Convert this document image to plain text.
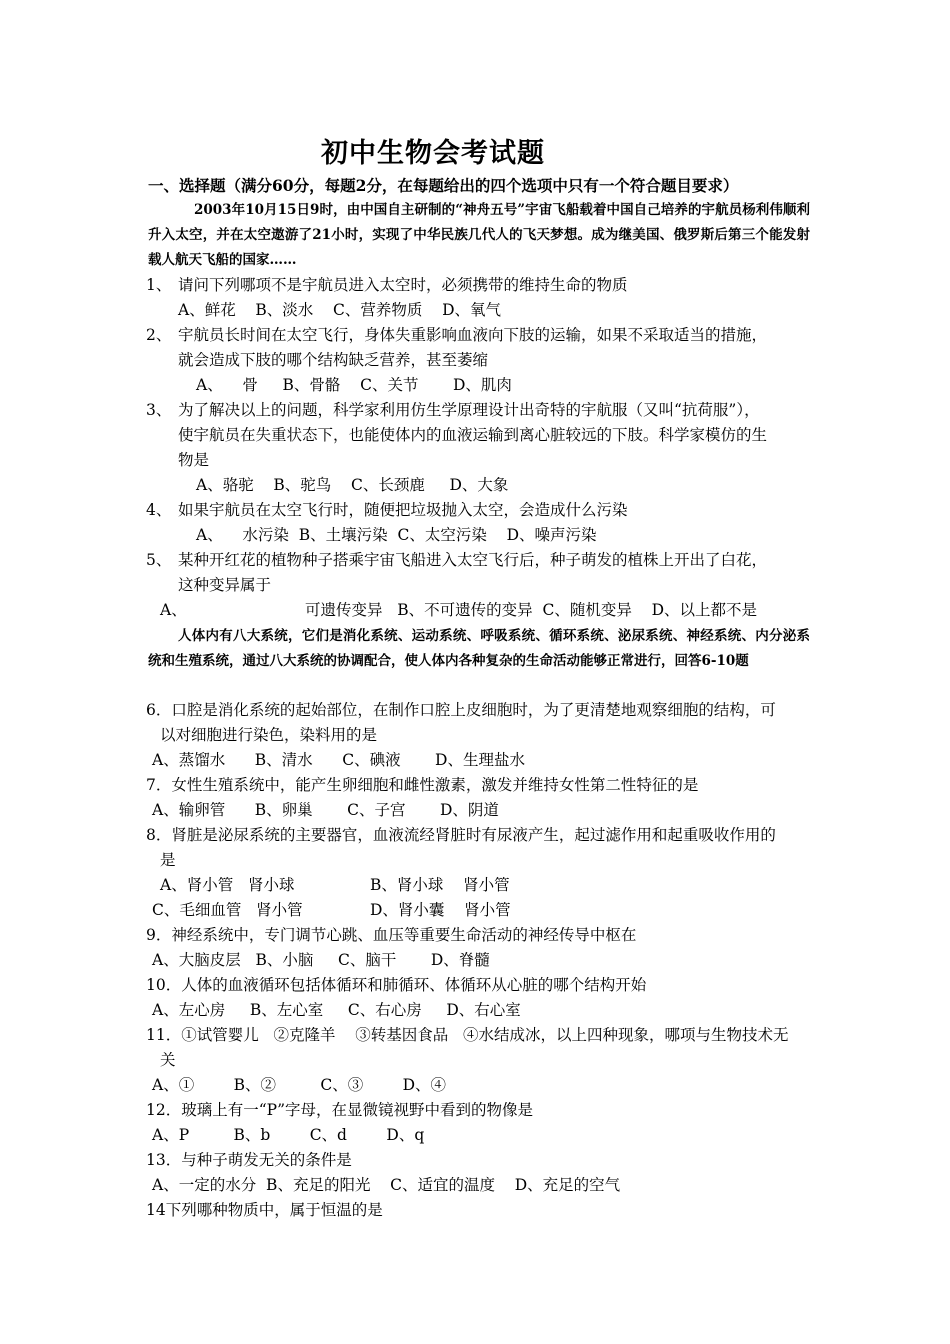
初中生物会考试题
一、选择题（满分60分，每题2分，在每题给出的四个选项中只有一个符合题目要求）
2003年10月15日9时，由中国自主研制的“神舟五号”宇宙飞船载着中国自己培养的宇航员杨利伟顺利升入太空，并在太空遨游了21小时，实现了中华民族几代人的飞天梦想。成为继美国、俄罗斯后第三个能发射载人航天飞船的国家……
1、 请问下列哪项不是宇航员进入太空时，必须携带的维持生命的物质
A、鲜花    B、淡水    C、营养物质    D、氧气
2、 宇航员长时间在太空飞行，身体失重影响血液向下肢的运输，如果不采取适当的措施，
就会造成下肢的哪个结构缺乏营养，甚至萎缩
A、    骨     B、骨骼    C、关节       D、肌肉
3、 为了解决以上的问题，科学家利用仿生学原理设计出奇特的宇航服（又叫“抗荷服”），
使宇航员在失重状态下，也能使体内的血液运输到离心脏较远的下肢。科学家模仿的生
物是
A、骆驼    B、驼鸟    C、长颈鹿     D、大象
4、 如果宇航员在太空飞行时，随便把垃圾抛入太空，会造成什么污染
A、    水污染  B、土壤污染  C、太空污染    D、噪声污染
5、 某种开红花的植物种子搭乘宇宙飞船进入太空飞行后，种子萌发的植株上开出了白花，
这种变异属于
A、	可遗传变异   B、不可遗传的变异  C、随机变异    D、以上都不是
人体内有八大系统，它们是消化系统、运动系统、呼吸系统、循环系统、泌尿系统、神经系统、内分泌系统和生殖系统，通过八大系统的协调配合，使人体内各种复杂的生命活动能够正常进行，回答6-10题
6．口腔是消化系统的起始部位，在制作口腔上皮细胞时，为了更清楚地观察细胞的结构，可
以对细胞进行染色，染料用的是
A、蒸馏水      B、清水      C、碘液       D、生理盐水
7．女性生殖系统中，能产生卵细胞和雌性激素，激发并维持女性第二性特征的是
A、输卵管      B、卵巢       C、子宫       D、阴道
8．肾脏是泌尿系统的主要器官，血液流经肾脏时有尿液产生，起过滤作用和起重吸收作用的
是
A、肾小管   肾小球	B、肾小球    肾小管
C、毛细血管   肾小管	D、肾小囊    肾小管
9．神经系统中，专门调节心跳、血压等重要生命活动的神经传导中枢在
A、大脑皮层   B、小脑     C、脑干       D、脊髓
10．人体的血液循环包括体循环和肺循环、体循环从心脏的哪个结构开始
A、左心房     B、左心室     C、右心房     D、右心室
11．①试管婴儿   ②克隆羊    ③转基因食品   ④水结成冰，以上四种现象，哪项与生物技术无
关
A、①        B、②         C、③        D、④
12．玻璃上有一“P”字母，在显微镜视野中看到的物像是
A、P         B、b        C、d        D、q
13．与种子萌发无关的条件是
A、一定的水分  B、充足的阳光    C、适宜的温度    D、充足的空气
14下列哪种物质中，属于恒温的是
